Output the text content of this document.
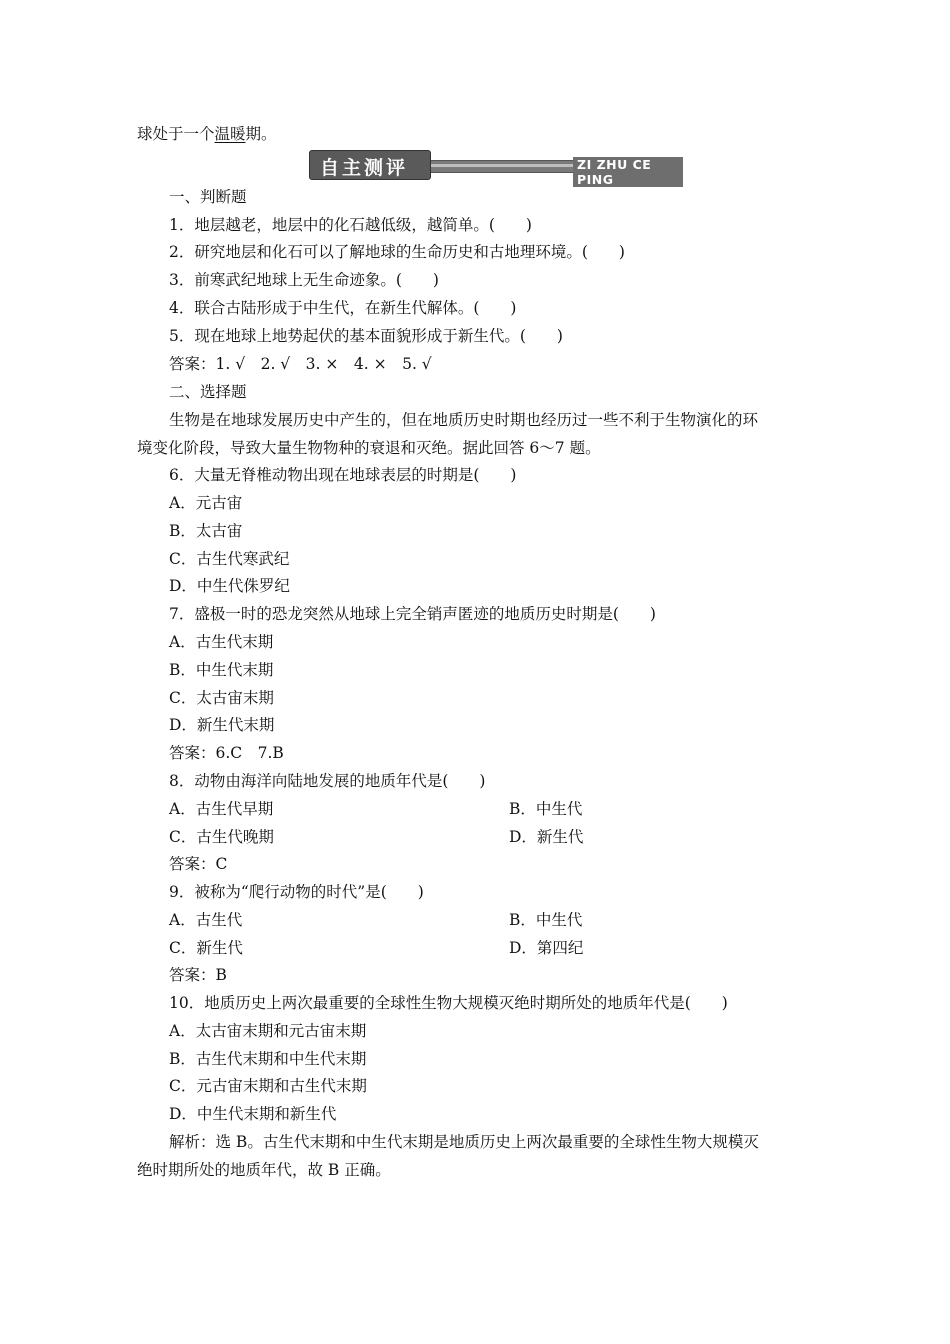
球处于一个温暖期。
自主测评	ZI ZHU CE PING
一、判断题
1．地层越老，地层中的化石越低级，越简单。(　　)
2．研究地层和化石可以了解地球的生命历史和古地理环境。(　　)
3．前寒武纪地球上无生命迹象。(　　)
4．联合古陆形成于中生代，在新生代解体。(　　)
5．现在地球上地势起伏的基本面貌形成于新生代。(　　)
答案：1. √　2. √　3. ×　4. ×　5. √
二、选择题
生物是在地球发展历史中产生的，但在地质历史时期也经历过一些不利于生物演化的环
境变化阶段，导致大量生物物种的衰退和灭绝。据此回答 6～7 题。
6．大量无脊椎动物出现在地球表层的时期是(　　)
A．元古宙
B．太古宙
C．古生代寒武纪
D．中生代侏罗纪
7．盛极一时的恐龙突然从地球上完全销声匿迹的地质历史时期是(　　)
A．古生代末期
B．中生代末期
C．太古宙末期
D．新生代末期
答案：6.C　7.B
8．动物由海洋向陆地发展的地质年代是(　　)
A．古生代早期	B．中生代
C．古生代晚期	D．新生代
答案：C
9．被称为“爬行动物的时代”是(　　)
A．古生代	B．中生代
C．新生代	D．第四纪
答案：B
10．地质历史上两次最重要的全球性生物大规模灭绝时期所处的地质年代是(　　)
A．太古宙末期和元古宙末期
B．古生代末期和中生代末期
C．元古宙末期和古生代末期
D．中生代末期和新生代
解析：选 B。古生代末期和中生代末期是地质历史上两次最重要的全球性生物大规模灭
绝时期所处的地质年代，故 B 正确。
